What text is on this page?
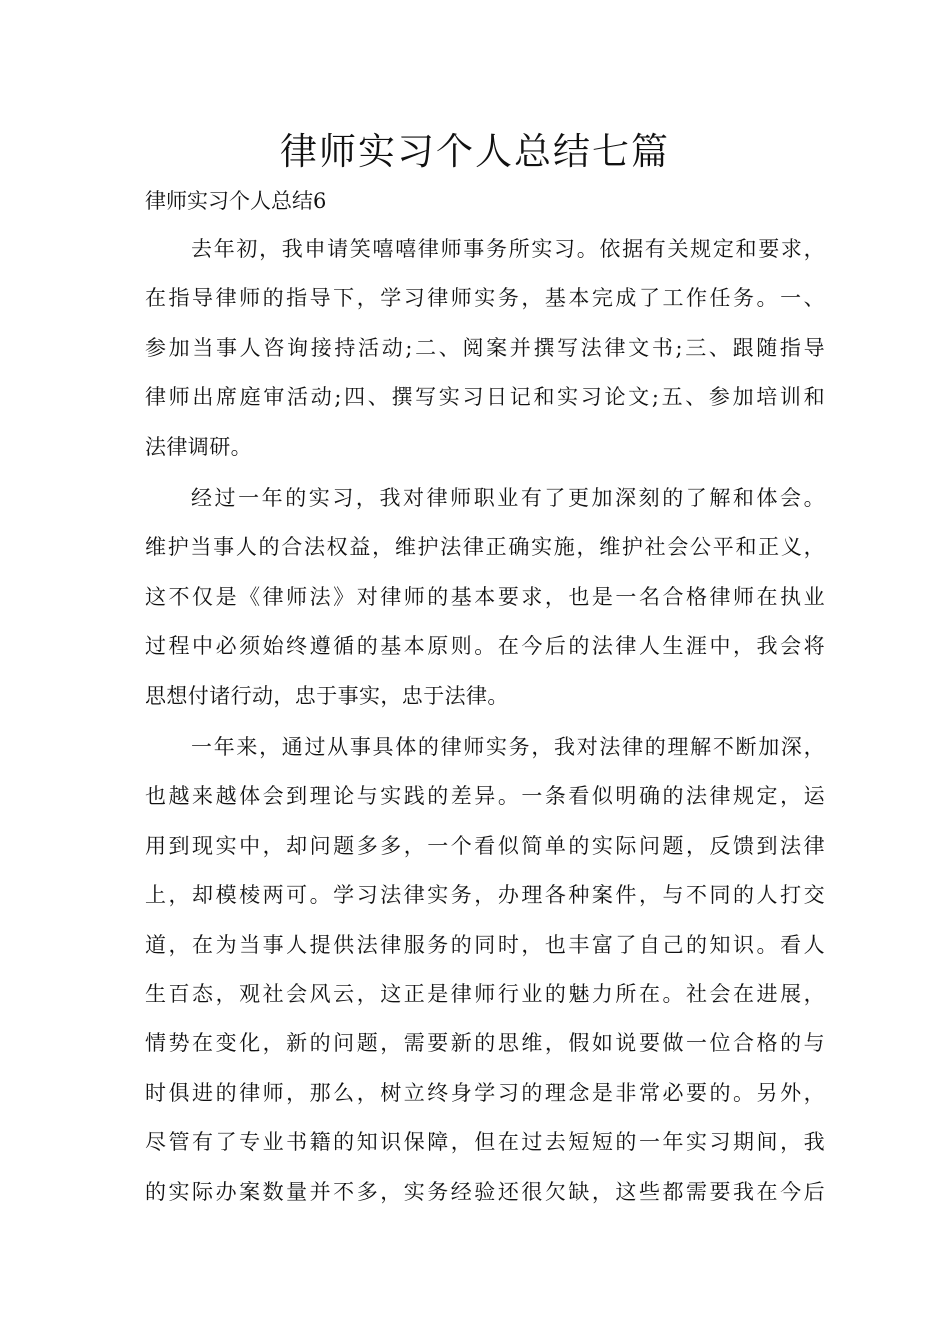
律师实习个人总结七篇

律师实习个人总结6

去年初，我申请笑嘻嘻律师事务所实习。依据有关规定和要求，
在指导律师的指导下，学习律师实务，基本完成了工作任务。一、
参加当事人咨询接持活动;二、阅案并撰写法律文书;三、跟随指导
律师出席庭审活动;四、撰写实习日记和实习论文;五、参加培训和
法律调研。
经过一年的实习，我对律师职业有了更加深刻的了解和体会。
维护当事人的合法权益，维护法律正确实施，维护社会公平和正义，
这不仅是《律师法》对律师的基本要求，也是一名合格律师在执业
过程中必须始终遵循的基本原则。在今后的法律人生涯中，我会将
思想付诸行动，忠于事实，忠于法律。
一年来，通过从事具体的律师实务，我对法律的理解不断加深，
也越来越体会到理论与实践的差异。一条看似明确的法律规定，运
用到现实中，却问题多多，一个看似简单的实际问题，反馈到法律
上，却模棱两可。学习法律实务，办理各种案件，与不同的人打交
道，在为当事人提供法律服务的同时，也丰富了自己的知识。看人
生百态，观社会风云，这正是律师行业的魅力所在。社会在进展，
情势在变化，新的问题，需要新的思维，假如说要做一位合格的与
时俱进的律师，那么，树立终身学习的理念是非常必要的。另外，
尽管有了专业书籍的知识保障，但在过去短短的一年实习期间，我
的实际办案数量并不多，实务经验还很欠缺，这些都需要我在今后
